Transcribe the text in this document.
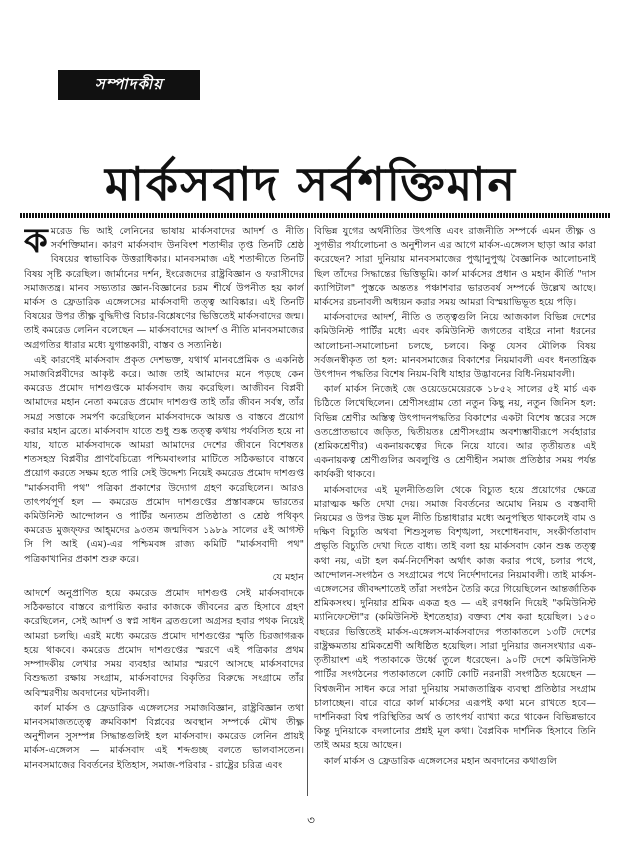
সম্পাদকীয়
মার্কসবাদ সর্বশক্তিমান

কমরেড ভি আই লেনিনের ভাষায় মার্কসবাদের আদর্শ ও নীতি সর্বশক্তিমান। কারণ মার্কসবাদ উনবিংশ শতাব্দীর তৃপ্ত তিনটি শ্রেষ্ঠ বিষয়ের স্বাভাবিক উত্তরাধিকার। মানবসমাজ এই শতাব্দীতে তিনটি বিষয় সৃষ্টি করেছিল। জার্মানের দর্শন, ইংরেজদের রাষ্ট্রবিজ্ঞান ও ফরাসীদের সমাজতন্ত্র। মানব সভ্যতার জ্ঞান-বিজ্ঞানের চরম শীর্ষে উপনীত হয় কার্ল মার্কস ও ফ্রেডারিক এঙ্গেলসের মার্কসবাদী তত্ত্ব আবিষ্কার। এই তিনটি বিষয়ের উপর তীক্ষ্ণ বুদ্ধিদীপ্ত বিচার-বিশ্লেষণের ভিত্তিতেই মার্কসবাদের জন্ম। তাই কমরেড লেনিন বলেছেন — মার্কসবাদের আদর্শ ও নীতি মানবসমাজের অগ্রগতির ধারার মধ্যে যুগান্তকারী, বাস্তব ও সত্যনিষ্ঠ।

এই কারণেই মার্কসবাদ প্রকৃত দেশভক্ত, যথার্থ মানবপ্রেমিক ও একনিষ্ঠ সমাজবিপ্লবীদের আকৃষ্ট করে। আজ তাই আমাদের মনে পড়ছে কেন কমরেড প্রমোদ দাশগুপ্তকে মার্কসবাদ জয় করেছিল। আজীবন বিপ্লবী আমাদের মহান নেতা কমরেড প্রমোদ দাশগুপ্ত তাই তাঁর জীবন সর্বস্ব, তাঁর সমগ্র সত্তাকে সমর্পণ করেছিলেন মার্কসবাদকে আয়ত্ত ও বাস্তবে প্রয়োগ করার মহান ব্রতে। মার্কসবাদ যাতে শুধু শুষ্ক তত্ত্ব কথায় পর্যবসিত হয়ে না যায়, যাতে মার্কসবাদকে আমরা আমাদের দেশের জীবনে বিশেষতঃ শতসহস্র বিপ্লবীর প্রাণবৈচিত্র্যে পশ্চিমবাংলার মাটিতে সঠিকভাবে বাস্তবে প্রয়োগ করতে সক্ষম হতে পারি সেই উদ্দেশ্য নিয়েই কমরেড প্রমোদ দাশগুপ্ত "মার্কসবাদী পথ" পত্রিকা প্রকাশের উদ্যোগ গ্রহণ করেছিলেন। আরও তাৎপর্যপূর্ণ হল — কমরেড প্রমোদ দাশগুপ্তের প্রস্তাবক্রমে ভারতের কমিউনিস্ট আন্দোলন ও পার্টির অন্যতম প্রতিষ্ঠাতা ও শ্রেষ্ঠ পথিকৃৎ কমরেড মুজফ্‌ফর আহ্‌মদের ৯৩তম জন্মদিবস ১৯৮৯ সালের ৫ই আগস্ট সি পি আই (এম)-এর পশ্চিমবঙ্গ রাজ্য কমিটি "মার্কসবাদী পথ" পত্রিকাখানির প্রকাশ শুরু করে।

যে মহান

আদর্শে অনুপ্রাণিত হয়ে কমরেড প্রমোদ দাশগুপ্ত সেই মার্কসবাদকে সঠিকভাবে বাস্তবে রূপায়িত করার কাজকে জীবনের ব্রত হিসাবে গ্রহণ করেছিলেন, সেই আদর্শ ও স্বপ্ন সাধন ব্রতগুলো অগ্রসর হবার পথক নিয়েই আমরা চলছি। এরই মধ্যে কমরেড প্রমোদ দাশগুপ্তের স্মৃতি চিরজাগরূক হয়ে থাকবে। কমরেড প্রমোদ দাশগুপ্তের স্মরণে এই পত্রিকার প্রথম সম্পাদকীয় লেখার সময় ব্যবহার আমার স্মরণে আসছে মার্কসবাদের বিশুদ্ধতা রক্ষায় সংগ্রাম, মার্কসবাদের বিকৃতির বিরুদ্ধে সংগ্রামে তাঁর অবিস্মরণীয় অবদানের ঘটনাবলী।

কার্ল মার্কস ও ফ্রেডারিক এঙ্গেলসের সমাজবিজ্ঞান, রাষ্ট্রবিজ্ঞান তথা মানবসমাজতত্ত্বে ক্রমবিকাশ বিপ্লবের অবস্থান সম্পর্কে মৌখ তীক্ষ্ণ অনুশীলন সুসম্পন্ন সিদ্ধান্তগুলিই হল মার্কসবাদ। কমরেড লেনিন প্রায়ই মার্কস-এঙ্গেলস — মার্কসবাদ এই শব্দগুচ্ছ বলতে ভালবাসতেন। মানবসমাজের বিবর্তনের ইতিহাস, সমাজ-পরিবার - রাষ্ট্রের চরিত্র এবং

বিভিন্ন যুগের অর্থনীতির উৎপত্তি এবং রাজনীতি সম্পর্কে এমন তীক্ষ্ণ ও সুগভীর পর্যালোচনা ও অনুশীলন এর আগে মার্কস-এঙ্গেলস ছাড়া আর কারা করেছেন? সারা দুনিয়ায় মানবসমাজের পুঙ্খানুপুঙ্খ বৈজ্ঞানিক আলোচনাই ছিল তাঁদের সিদ্ধান্তের ভিত্তিভূমি। কার্ল মার্কসের প্রধান ও মহান কীর্তি "দাস ক্যাপিটাল" পুস্তকে অন্ততঃ পঞ্চাশবার ভারতবর্ষ সম্পর্কে উল্লেখ আছে। মার্কসের রচনাবলী অধ্যয়ন করার সময় আমরা বিস্ময়াভিভূত হয়ে পড়ি।

মার্কসবাদের আদর্শ, নীতি ও তত্ত্বগুলি নিয়ে আজকাল বিভিন্ন দেশের কমিউনিস্ট পার্টির মধ্যে এবং কমিউনিস্ট জগতের বাইরে নানা ধরনের আলোচনা-সমালোচনা চলছে, চলবে। কিন্তু যেসব মৌলিক বিষয় সর্বজনস্বীকৃত তা হল: মানবসমাজের বিকাশের নিয়মাবলী এবং ধনতান্ত্রিক উৎপাদন পদ্ধতির বিশেষ নিয়ম-বিধি যাহার উদ্ভাবনের বিধি-নিয়মাবলী।

কার্ল মার্কস নিজেই জে ওয়েডেমেয়েরকে ১৮৫২ সালের ৫ই মার্চ এক চিঠিতে লিখেছিলেন। শ্রেণীসংগ্রাম তো নতুন কিছু নয়, নতুন জিনিস হল: বিভিন্ন শ্রেণীর অস্তিত্ব উৎপাদনপদ্ধতির বিকাশের একটা বিশেষ স্তরের সঙ্গে ওতপ্রোতভাবে জড়িত, দ্বিতীয়তঃ শ্রেণীসংগ্রাম অবশ্যম্ভাবীরূপে সর্বহারার (শ্রমিকশ্রেণীর) একনায়কত্বের দিকে নিয়ে যাবে। আর তৃতীয়তঃ এই একনায়কত্ব শ্রেণীগুলির অবলুপ্তি ও শ্রেণীহীন সমাজ প্রতিষ্ঠার সময় পর্যন্ত কার্যকরী থাকবে।

মার্কসবাদের এই মূলনীতিগুলি থেকে বিচ্যুত হয়ে প্রয়োগের ক্ষেত্রে মারাত্মক ক্ষতি দেখা দেয়। সমাজ বিবর্তনের অমোঘ নিয়ম ও বস্তবাদী নিয়মের ও উপর উচ্চ মূল নীতি চিন্তাধারার মধ্যে অনুপস্থিত থাকলেই বাম ও দক্ষিণ বিচ্যুতি অথবা শিশুসুলভ বিশৃঙ্খলা, সংশোধনবাদ, সংকীর্ণতাবাদ প্রভৃতি বিচ্যুতি দেখা দিতে বাধ্য। তাই বলা হয় মার্কসবাদ কোন শুষ্ক তত্ত্ব কথা নয়, এটা হল কর্ম-নির্দেশিকা অর্থাৎ কাজ করার পথে, চলার পথে, আন্দোলন-সংগঠন ও সংগ্রামের পথে নির্দেশদানের নিয়মাবলী। তাই মার্কস-এঙ্গেলসের জীবদ্দশাতেই তাঁরা সংগঠন তৈরি করে গিয়েছিলেন আন্তর্জাতিক শ্রমিকসংঘ। দুনিয়ার শ্রমিক একত্র হও — এই রণধ্বনি দিয়েই "কমিউনিস্ট ম্যানিফেস্টো"র (কমিউনিস্ট ইশতেহার) বক্তব্য শেষ করা হয়েছিল। ১৫০ বছরের ভিত্তিতেই মার্কস-এঙ্গেলস-মার্কসবাদের পতাকাতলে ১৩টি দেশের রাষ্ট্রক্ষমতায় শ্রমিকশ্রেণী অধিষ্ঠিত হয়েছিল। সারা দুনিয়ার জনসংখ্যার এক-তৃতীয়াংশ এই পতাকাকে উর্ধ্বে তুলে ধরেছেন। ৯০টি দেশে কমিউনিস্ট পার্টির সংগঠনের পতাকাতলে কোটি কোটি নরনারী সংগঠিত হয়েছেন — বিশ্বজনীন সাধন করে সারা দুনিয়ায় সমাজতান্ত্রিক ব্যবস্থা প্রতিষ্ঠার সংগ্রাম চালাচ্ছেন। বারে বারে কার্ল মার্কসের এরূপই কথা মনে রাখতে হবে— দার্শনিকরা বিশ্ব পরিস্থিতির অর্থ ও তাৎপর্য ব্যাখ্যা করে থাকেন বিভিন্নভাবে কিন্তু দুনিয়াকে বদলানোর প্রশ্নই মূল কথা। বৈপ্লবিক দার্শনিক হিসাবে তিনি তাই অমর হয়ে আছেন।

কার্ল মার্কস ও ফ্রেডারিক এঙ্গেলসের মহান অবদানের কথাগুলি

৩
